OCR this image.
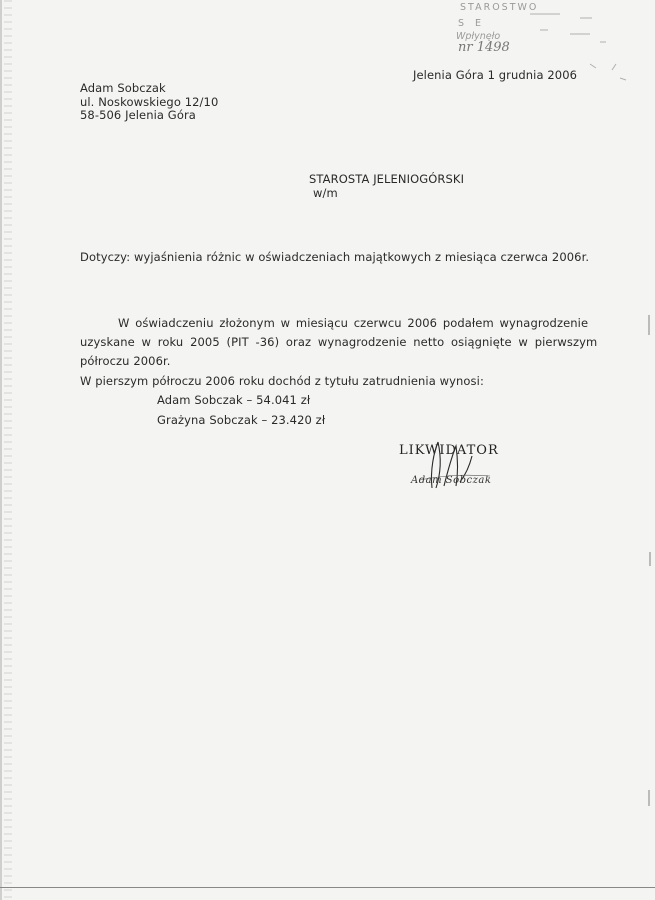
STAROSTWO
S E
Wpłynęło
nr 1498
Jelenia Góra 1 grudnia 2006
Adam Sobczak
ul. Noskowskiego 12/10
58-506 Jelenia Góra
STAROSTA JELENIOGÓRSKI
w/m
Dotyczy: wyjaśnienia różnic w oświadczeniach majątkowych z miesiąca czerwca 2006r.
W oświadczeniu złożonym w miesiącu czerwcu 2006 podałem wynagrodzenie
uzyskane w roku 2005 (PIT -36) oraz wynagrodzenie netto osiągnięte w pierwszym
półroczu 2006r.
W pierszym półroczu 2006 roku dochód z tytułu zatrudnienia wynosi:
Adam Sobczak – 54.041 zł
Grażyna Sobczak – 23.420 zł
LIKWIDATOR
Adam Sobczak
